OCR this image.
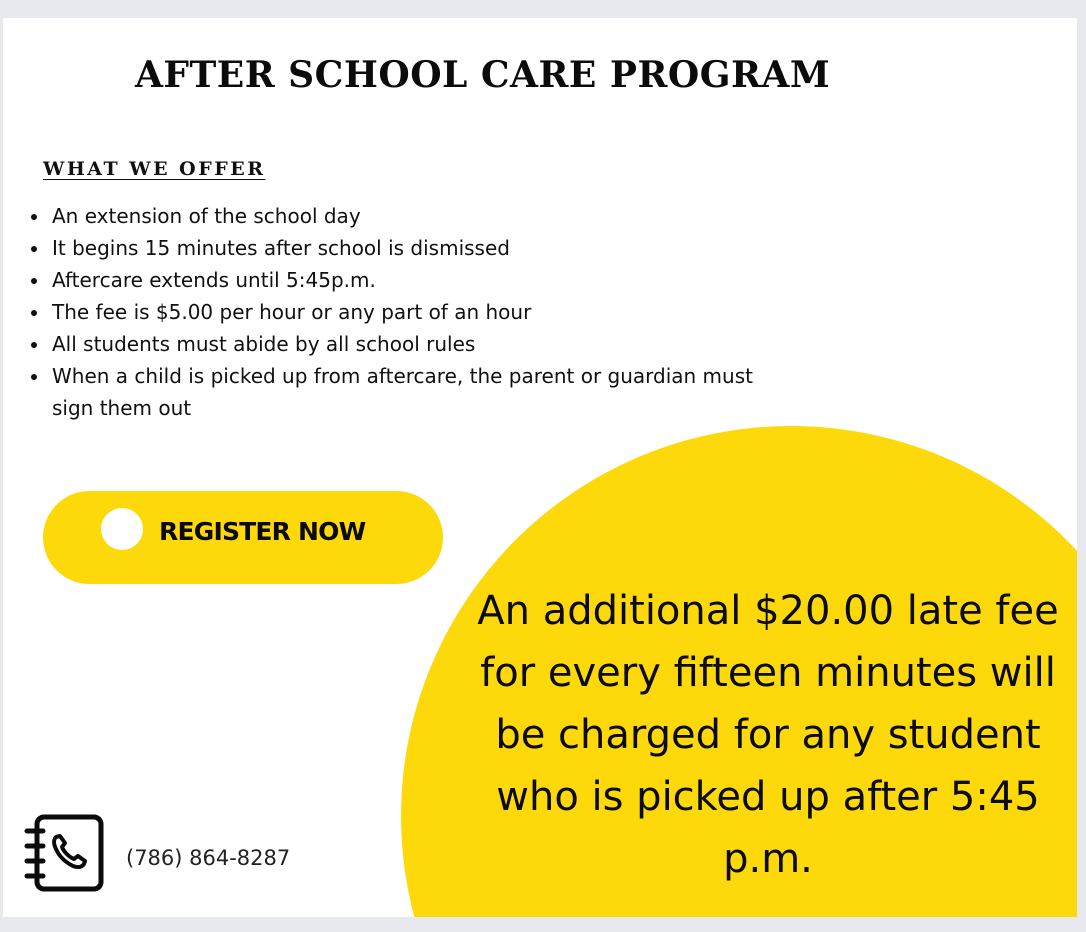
AFTER SCHOOL CARE PROGRAM
WHAT WE OFFER
An extension of the school day
It begins 15 minutes after school is dismissed
Aftercare extends until 5:45p.m.
The fee is $5.00 per hour or any part of an hour
All students must abide by all school rules
When a child is picked up from aftercare, the parent or guardian must sign them out
REGISTER NOW

An additional $20.00 late fee for every fifteen minutes will be charged for any student who is picked up after 5:45 p.m.

(786) 864-8287
